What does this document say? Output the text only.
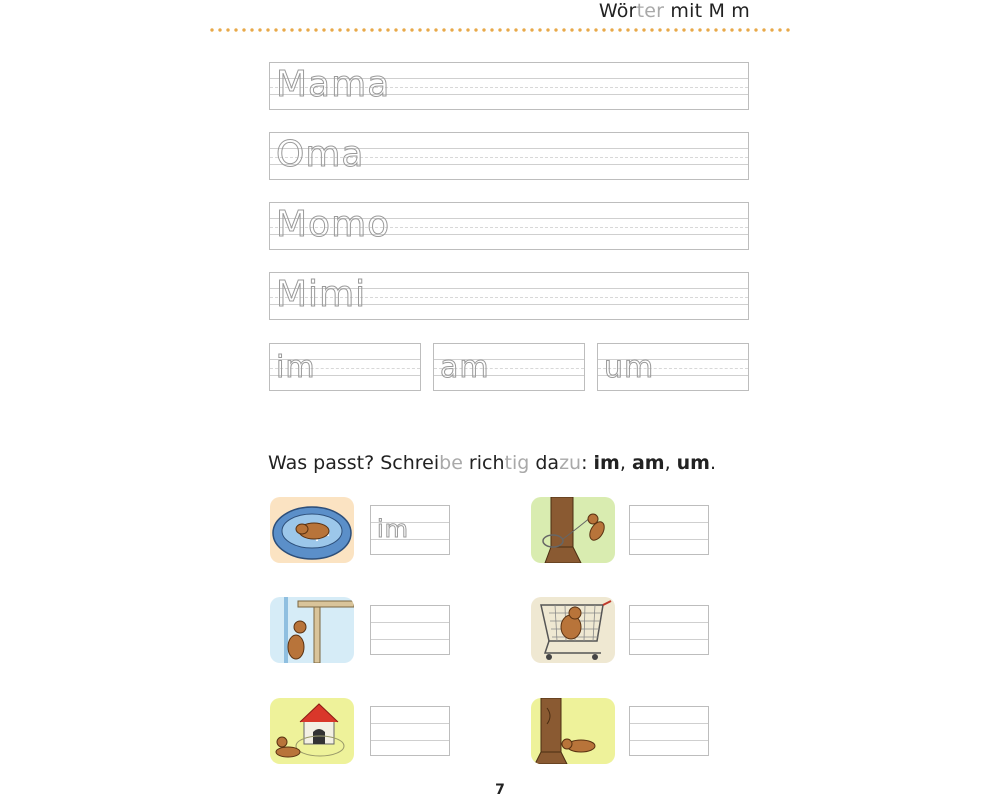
Wörter mit M m
Mama
Oma
Momo
Mimi
im	am	um
Was passt? Schreibe richtig dazu: im, am, um.
im
7
